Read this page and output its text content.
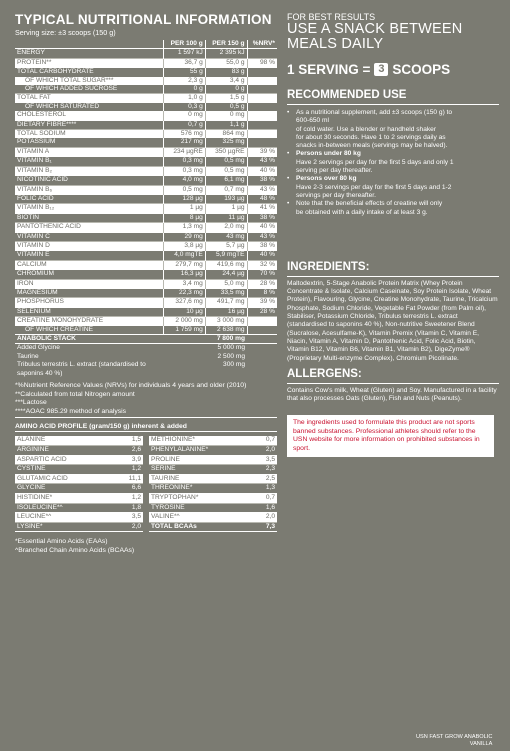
TYPICAL NUTRITIONAL INFORMATION
Serving size: ±3 scoops (150 g)
	PER 100 g	PER 150 g	%NRV*
ENERGY	1 597 kJ	2 395 kJ	
PROTEIN**	36,7 g	55,0 g	98 %
TOTAL CARBOHYDRATE	55 g	83 g	
OF WHICH TOTAL SUGAR***	2,3 g	3,4 g	
OF WHICH ADDED SUCROSE	0 g	0 g	
TOTAL FAT	1,0 g	1,5 g	
OF WHICH SATURATED	0,3 g	0,5 g	
CHOLESTEROL	0 mg	0 mg	
DIETARY FIBRE****	0,7 g	1,1 g	
TOTAL SODIUM	576 mg	864 mg	
POTASSIUM	217 mg	325 mg	
VITAMIN A	234 µgRE	350 µgRE	39 %
VITAMIN B₁	0,3 mg	0,5 mg	43 %
VITAMIN B₂	0,3 mg	0,5 mg	40 %
NICOTINIC ACID	4,0 mg	6,1 mg	38 %
VITAMIN B₆	0,5 mg	0,7 mg	43 %
FOLIC ACID	128 µg	193 µg	48 %
VITAMIN B₁₂	1 µg	1 µg	41 %
BIOTIN	8 µg	11 µg	38 %
PANTOTHENIC ACID	1,3 mg	2,0 mg	40 %
VITAMIN C	29 mg	43 mg	43 %
VITAMIN D	3,8 µg	5,7 µg	38 %
VITAMIN E	4,0 mgTE	5,9 mgTE	40 %
CALCIUM	279,7 mg	419,6 mg	32 %
CHROMIUM	16,3 µg	24,4 µg	70 %
IRON	3,4 mg	5,0 mg	28 %
MAGNESIUM	22,3 mg	33,5 mg	8 %
PHOSPHORUS	327,6 mg	491,7 mg	39 %
SELENIUM	10 µg	16 µg	28 %
CREATINE MONOHYDRATE	2 000 mg	3 000 mg	
OF WHICH CREATINE	1 759 mg	2 638 mg	
ANABOLIC STACK		7 800 mg	
Added Glycine		5 000 mg	
Taurine		2 500 mg	
Tribulus terrestris L. extract (standardised to		300 mg	
saponins 40 %)			
*%Nutrient Reference Values (NRVs) for individuals 4 years and older (2010)
**Calculated from total Nitrogen amount
***Lactose
****AOAC 985.29 method of analysis
AMINO ACID PROFILE (gram/150 g) inherent & added
ALANINE	1,5
ARGININE	2,6
ASPARTIC ACID	3,9
CYSTINE	1,2
GLUTAMIC ACID	11,1
GLYCINE	6,6
HISTIDINE*	1,2
ISOLEUCINE*^	1,8
LEUCINE*^	3,5
LYSINE*	2,0
METHIONINE*	0,7
PHENYLALANINE*	2,0
PROLINE	3,5
SERINE	2,3
TAURINE	2,5
THREONINE*	1,3
TRYPTOPHAN*	0,7
TYROSINE	1,6
VALINE*^	2,0
TOTAL BCAAs	7,3
*Essential Amino Acids (EAAs)
^Branched Chain Amino Acids (BCAAs)
FOR BEST RESULTS
USE A SNACK BETWEEN
MEALS DAILY
1 SERVING = 3 SCOOPS
RECOMMENDED USE
•	As a nutritional supplement, add ±3 scoops (150 g) to
600-650 ml
of cold water. Use a blender or handheld shaker
for about 30 seconds. Have 1 to 2 servings daily as
snacks in-between meals (servings may be halved).
•	Persons under 80 kg
Have 2 servings per day for the first 5 days and only 1
serving per day thereafter.
•	Persons over 80 kg
Have 2-3 servings per day for the first 5 days and 1-2
servings per day thereafter.
•	Note that the beneficial effects of creatine will only
be obtained with a daily intake of at least 3 g.
INGREDIENTS:
Maltodextrin, 5-Stage Anabolic Protein Matrix (Whey Protein Concentrate & Isolate, Calcium Caseinate, Soy Protein Isolate, Wheat Protein), Flavouring, Glycine, Creatine Monohydrate, Taurine, Tricalcium Phosphate, Sodium Chloride, Vegetable Fat Powder (from Palm oil), Stabiliser, Potassium Chloride, Tribulus terrestris L. extract (standardised to saponins 40 %), Non-nutritive Sweetener Blend (Sucralose, Acesulfame-K), Vitamin Premix (Vitamin C, Vitamin E, Niacin, Vitamin A, Vitamin D, Pantothenic Acid, Folic Acid, Biotin, Vitamin B12, Vitamin B6, Vitamin B1, Vitamin B2), DigeZyme® (Proprietary Multi-enzyme Complex), Chromium Picolinate.
ALLERGENS:
Contains Cow's milk, Wheat (Gluten) and Soy. Manufactured in a facility that also processes Oats (Gluten), Fish and Nuts (Peanuts).
The ingredients used to formulate this product are not sports banned substances. Professional athletes should refer to the USN website for more information on prohibited substances in sport.
USN FAST GROW ANABOLIC
VANILLA
